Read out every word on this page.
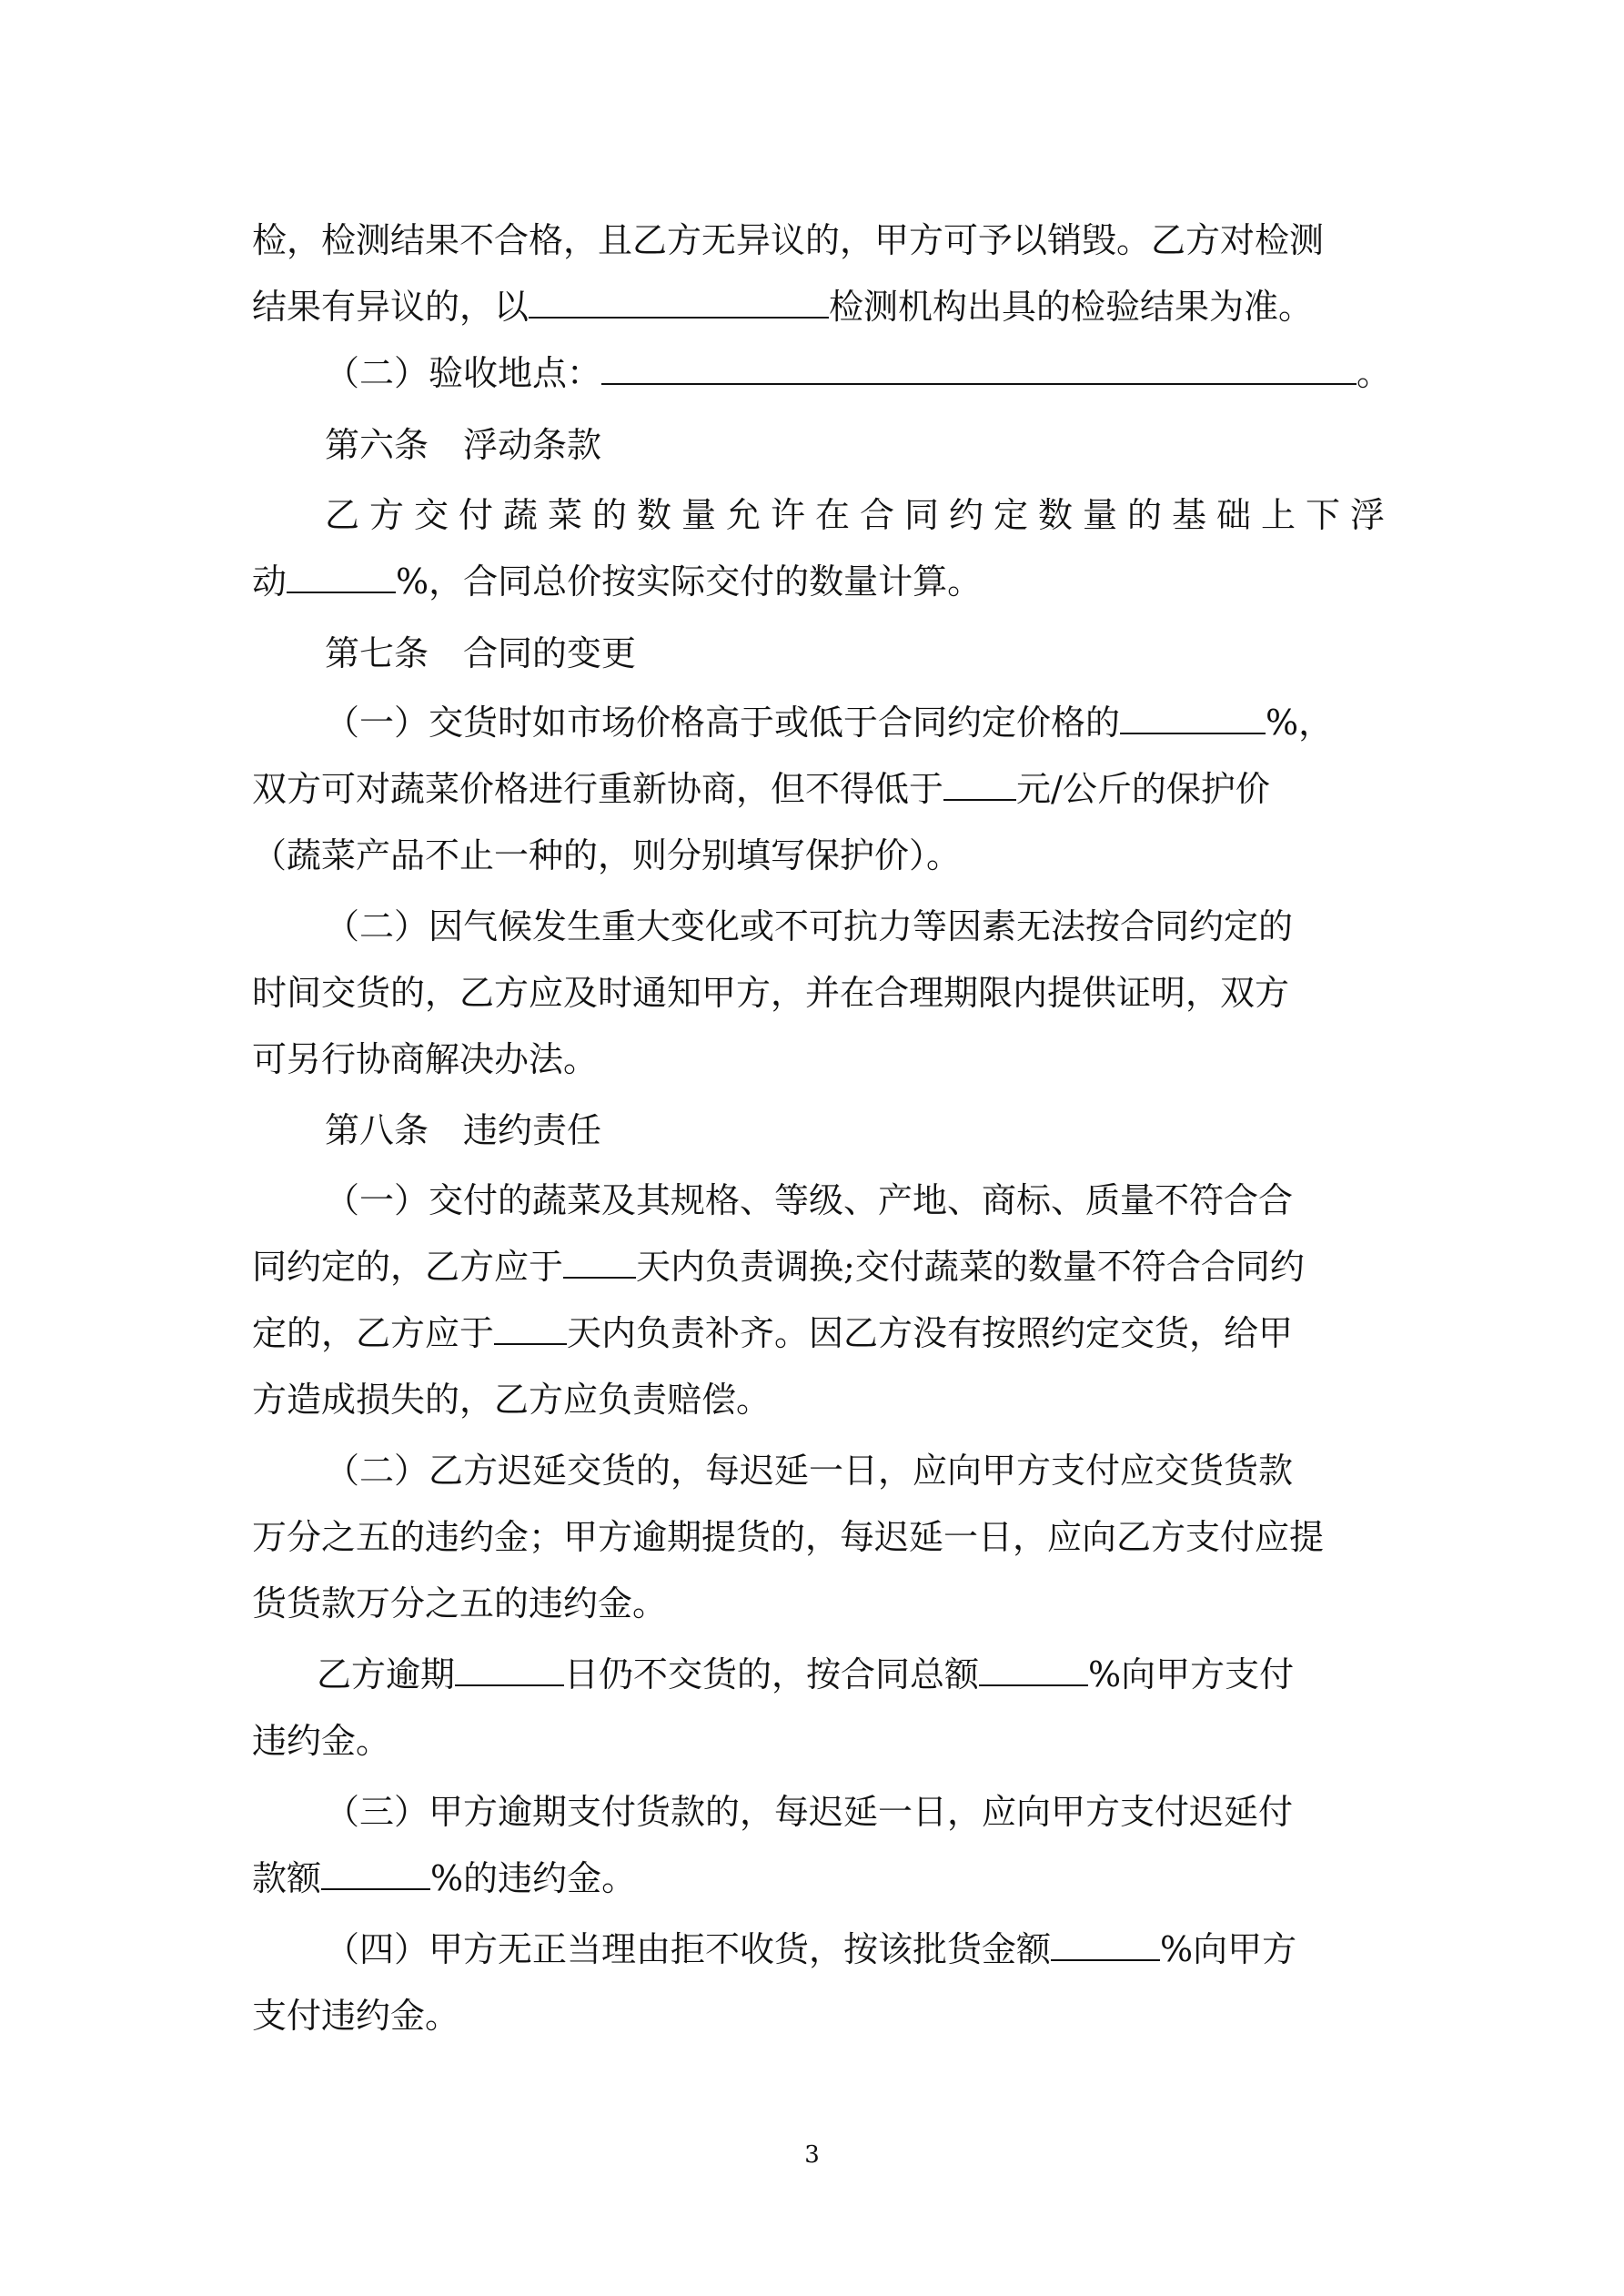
检，检测结果不合格，且乙方无异议的，甲方可予以销毁。乙方对检测
结果有异议的，以	检测机构出具的检验结果为准。
（二）验收地点：	。
第六条　浮动条款
乙方交付蔬菜的数量允许在合同约定数量的基础上下浮
动	%，合同总价按实际交付的数量计算。
第七条　合同的变更
（一）交货时如市场价格高于或低于合同约定价格的	%，
双方可对蔬菜价格进行重新协商，但不得低于 元/公斤的保护价
（蔬菜产品不止一种的，则分别填写保护价）。
（二）因气候发生重大变化或不可抗力等因素无法按合同约定的
时间交货的，乙方应及时通知甲方，并在合理期限内提供证明，双方
可另行协商解决办法。
第八条　违约责任
（一）交付的蔬菜及其规格、等级、产地、商标、质量不符合合
同约定的，乙方应于 天内负责调换;交付蔬菜的数量不符合合同约
定的，乙方应于 天内负责补齐。因乙方没有按照约定交货，给甲
方造成损失的，乙方应负责赔偿。
（二）乙方迟延交货的，每迟延一日，应向甲方支付应交货货款
万分之五的违约金；甲方逾期提货的，每迟延一日，应向乙方支付应提
货货款万分之五的违约金。
乙方逾期	日仍不交货的，按合同总额	%向甲方支付
违约金。
（三）甲方逾期支付货款的，每迟延一日，应向甲方支付迟延付
款额	%的违约金。
（四）甲方无正当理由拒不收货，按该批货金额	%向甲方
支付违约金。
3
